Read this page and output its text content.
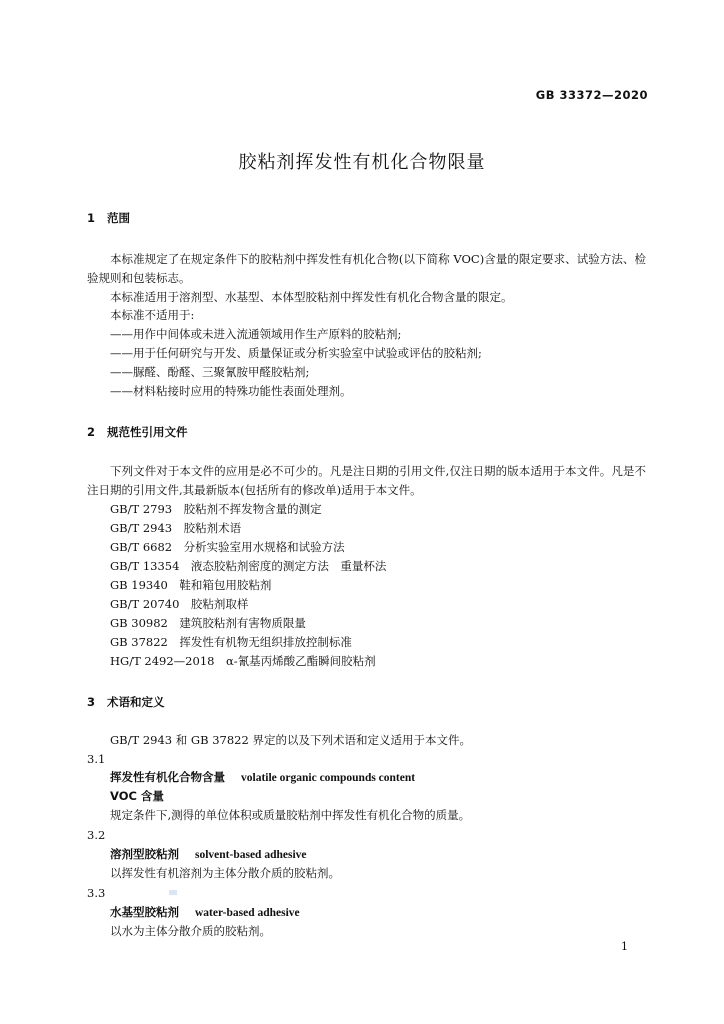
GB 33372—2020
胶粘剂挥发性有机化合物限量
1 范围
本标准规定了在规定条件下的胶粘剂中挥发性有机化合物(以下简称 VOC)含量的限定要求、试验方法、检验规则和包装标志。
本标准适用于溶剂型、水基型、本体型胶粘剂中挥发性有机化合物含量的限定。
本标准不适用于:
——用作中间体或未进入流通领域用作生产原料的胶粘剂;
——用于任何研究与开发、质量保证或分析实验室中试验或评估的胶粘剂;
——脲醛、酚醛、三聚氰胺甲醛胶粘剂;
——材料粘接时应用的特殊功能性表面处理剂。
2 规范性引用文件
下列文件对于本文件的应用是必不可少的。凡是注日期的引用文件,仅注日期的版本适用于本文件。凡是不注日期的引用文件,其最新版本(包括所有的修改单)适用于本文件。
GB/T 2793　 胶粘剂不挥发物含量的测定
GB/T 2943　 胶粘剂术语
GB/T 6682　 分析实验室用水规格和试验方法
GB/T 13354　 液态胶粘剂密度的测定方法　重量杯法
GB 19340　 鞋和箱包用胶粘剂
GB/T 20740　 胶粘剂取样
GB 30982　 建筑胶粘剂有害物质限量
GB 37822　 挥发性有机物无组织排放控制标准
HG/T 2492—2018　 α-氰基丙烯酸乙酯瞬间胶粘剂
3 术语和定义
GB/T 2943 和 GB 37822 界定的以及下列术语和定义适用于本文件。
3.1
挥发性有机化合物含量 volatile organic compounds content
VOC 含量
规定条件下,测得的单位体积或质量胶粘剂中挥发性有机化合物的质量。
3.2
溶剂型胶粘剂 solvent-based adhesive
以挥发性有机溶剂为主体分散介质的胶粘剂。
3.3
水基型胶粘剂 water-based adhesive
以水为主体分散介质的胶粘剂。
1
